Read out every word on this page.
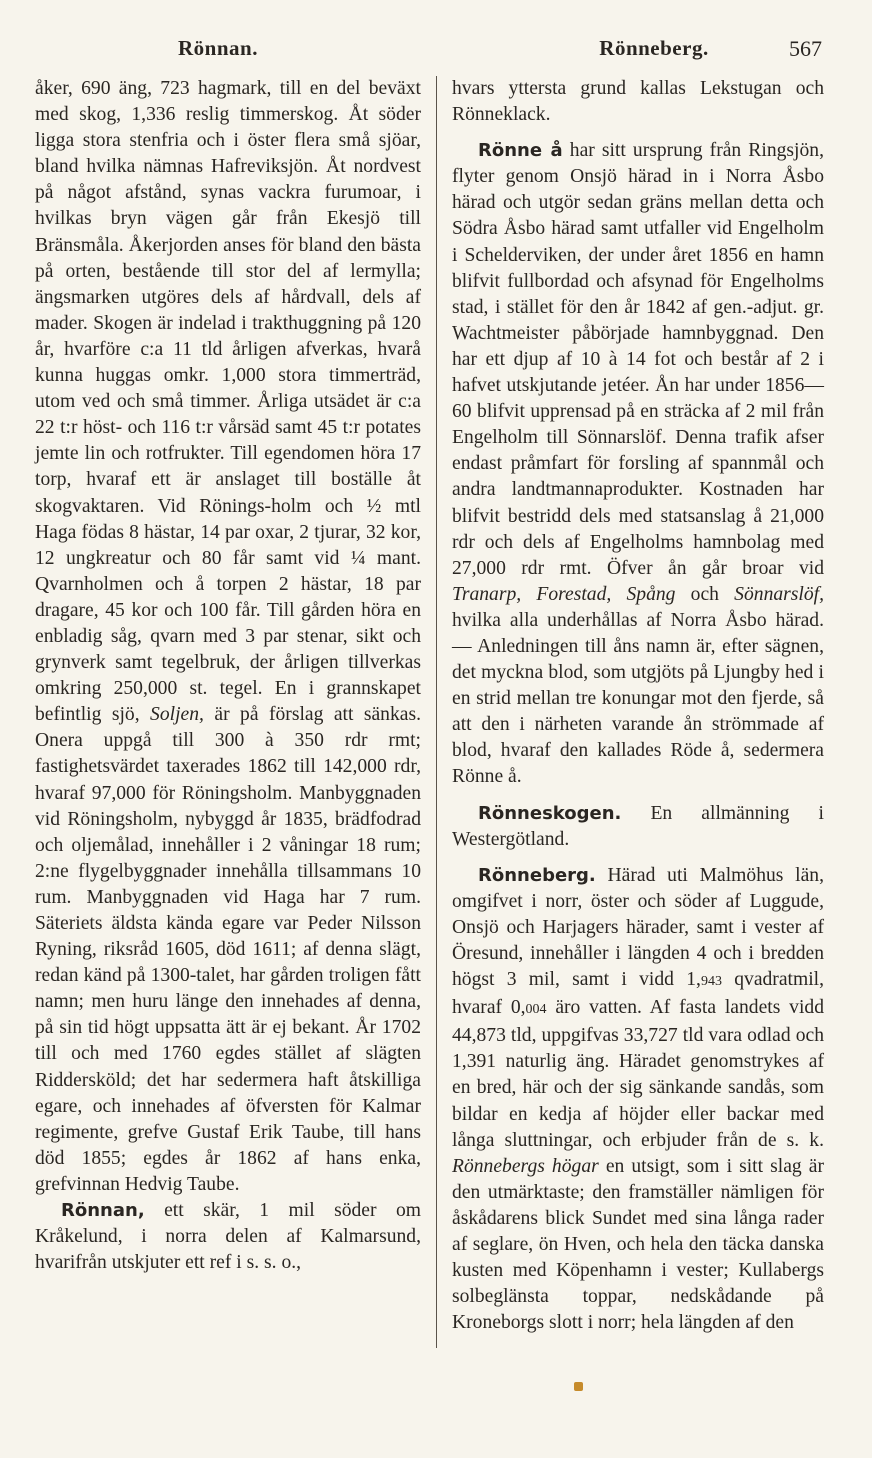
Rönnan.	Rönneberg.	567

åker, 690 äng, 723 hagmark, till en del beväxt med skog, 1,336 reslig timmerskog. Åt söder ligga stora stenfria och i öster flera små sjöar, bland hvilka nämnas Hafreviksjön. Åt nordvest på något afstånd, synas vackra furumoar, i hvilkas bryn vägen går från Ekesjö till Bränsmåla. Åkerjorden anses för bland den bästa på orten, bestående till stor del af lermylla; ängsmarken utgöres dels af hårdvall, dels af mader. Skogen är indelad i trakthuggning på 120 år, hvarföre c:a 11 tld årligen afverkas, hvarå kunna huggas omkr. 1,000 stora timmerträd, utom ved och små timmer. Årliga utsädet är c:a 22 t:r höst- och 116 t:r vårsäd samt 45 t:r potates jemte lin och rotfrukter. Till egendomen höra 17 torp, hvaraf ett är anslaget till boställe åt skogvaktaren. Vid Rönings-holm och ½ mtl Haga födas 8 hästar, 14 par oxar, 2 tjurar, 32 kor, 12 ungkreatur och 80 får samt vid ¼ mant. Qvarnholmen och å torpen 2 hästar, 18 par dragare, 45 kor och 100 får. Till gården höra en enbladig såg, qvarn med 3 par stenar, sikt och grynverk samt tegelbruk, der årligen tillverkas omkring 250,000 st. tegel. En i grannskapet befintlig sjö, Soljen, är på förslag att sänkas. Onera uppgå till 300 à 350 rdr rmt; fastighetsvärdet taxerades 1862 till 142,000 rdr, hvaraf 97,000 för Röningsholm. Manbyggnaden vid Röningsholm, nybyggd år 1835, brädfodrad och oljemålad, innehåller i 2 våningar 18 rum; 2:ne flygelbyggnader innehålla tillsammans 10 rum. Manbyggnaden vid Haga har 7 rum. Säteriets äldsta kända egare var Peder Nilsson Ryning, riksråd 1605, död 1611; af denna slägt, redan känd på 1300-talet, har gården troligen fått namn; men huru länge den innehades af denna, på sin tid högt uppsatta ätt är ej bekant. År 1702 till och med 1760 egdes stället af slägten Riddersköld; det har sedermera haft åtskilliga egare, och innehades af öfversten för Kalmar regimente, grefve Gustaf Erik Taube, till hans död 1855; egdes år 1862 af hans enka, grefvinnan Hedvig Taube.

Rönnan, ett skär, 1 mil söder om Kråkelund, i norra delen af Kalmarsund, hvarifrån utskjuter ett ref i s. s. o.,

hvars yttersta grund kallas Lekstugan och Rönneklack.

Rönne å har sitt ursprung från Ringsjön, flyter genom Onsjö härad in i Norra Åsbo härad och utgör sedan gräns mellan detta och Södra Åsbo härad samt utfaller vid Engelholm i Schelderviken, der under året 1856 en hamn blifvit fullbordad och afsynad för Engelholms stad, i stället för den år 1842 af gen.-adjut. gr. Wachtmeister påbörjade hamnbyggnad. Den har ett djup af 10 à 14 fot och består af 2 i hafvet utskjutande jetéer. Ån har under 1856—60 blifvit upprensad på en sträcka af 2 mil från Engelholm till Sönnarslöf. Denna trafik afser endast pråmfart för forsling af spannmål och andra landtmannaprodukter. Kostnaden har blifvit bestridd dels med statsanslag å 21,000 rdr och dels af Engelholms hamnbolag med 27,000 rdr rmt. Öfver ån går broar vid Tranarp, Forestad, Spång och Sönnarslöf, hvilka alla underhållas af Norra Åsbo härad. — Anledningen till åns namn är, efter sägnen, det myckna blod, som utgjöts på Ljungby hed i en strid mellan tre konungar mot den fjerde, så att den i närheten varande ån strömmade af blod, hvaraf den kallades Röde å, sedermera Rönne å.

Rönneskogen. En allmänning i Westergötland.

Rönneberg. Härad uti Malmöhus län, omgifvet i norr, öster och söder af Luggude, Onsjö och Harjagers härader, samt i vester af Öresund, innehåller i längden 4 och i bredden högst 3 mil, samt i vidd 1,943 qvadratmil, hvaraf 0,004 äro vatten. Af fasta landets vidd 44,873 tld, uppgifvas 33,727 tld vara odlad och 1,391 naturlig äng. Häradet genomstrykes af en bred, här och der sig sänkande sandås, som bildar en kedja af höjder eller backar med långa sluttningar, och erbjuder från de s. k. Rönnebergs högar en utsigt, som i sitt slag är den utmärktaste; den framställer nämligen för åskådarens blick Sundet med sina långa rader af seglare, ön Hven, och hela den täcka danska kusten med Köpenhamn i vester; Kullabergs solbeglänsta toppar, nedskådande på Kroneborgs slott i norr; hela längden af den
